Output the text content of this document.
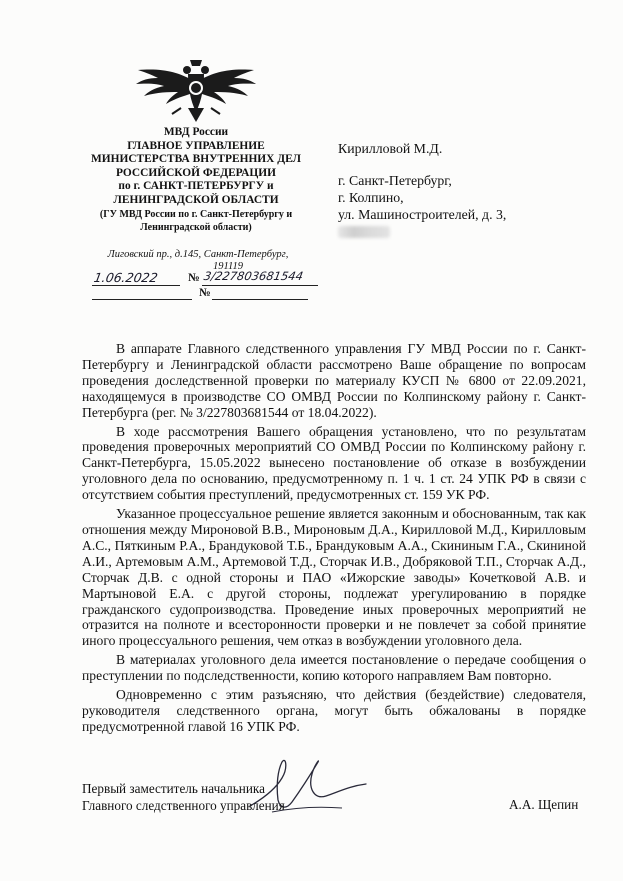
МВД России
ГЛАВНОЕ УПРАВЛЕНИЕ
МИНИСТЕРСТВА ВНУТРЕННИХ ДЕЛ
РОССИЙСКОЙ ФЕДЕРАЦИИ
по г. САНКТ-ПЕТЕРБУРГУ и
ЛЕНИНГРАДСКОЙ ОБЛАСТИ
(ГУ МВД России по г. Санкт-Петербургу и
Ленинградской области)
Лиговский пр., д.145, Санкт-Петербург,
191119
1.06.2022	№ 3/227803681544
№
Кирилловой М.Д.
г. Санкт-Петербург,
г. Колпино,
ул. Машиностроителей, д. 3,

В аппарате Главного следственного управления ГУ МВД России по г. Санкт-Петербургу и Ленинградской области рассмотрено Ваше обращение по вопросам проведения доследственной проверки по материалу КУСП № 6800 от 22.09.2021, находящемуся в производстве СО ОМВД России по Колпинскому району г. Санкт-Петербурга (рег. № 3/227803681544 от 18.04.2022).

В ходе рассмотрения Вашего обращения установлено, что по результатам проведения проверочных мероприятий СО ОМВД России по Колпинскому району г. Санкт-Петербурга, 15.05.2022 вынесено постановление об отказе в возбуждении уголовного дела по основанию, предусмотренному п. 1 ч. 1 ст. 24 УПК РФ в связи с отсутствием события преступлений, предусмотренных ст. 159 УК РФ.

Указанное процессуальное решение является законным и обоснованным, так как отношения между Мироновой В.В., Мироновым Д.А., Кирилловой М.Д., Кирилловым А.С., Пяткиным Р.А., Брандуковой Т.Б., Брандуковым А.А., Скининым Г.А., Скининой А.И., Артемовым А.М., Артемовой Т.Д., Сторчак И.В., Добряковой Т.П., Сторчак А.Д., Сторчак Д.В. с одной стороны и ПАО «Ижорские заводы» Кочетковой А.В. и Мартыновой Е.А. с другой стороны, подлежат урегулированию в порядке гражданского судопроизводства. Проведение иных проверочных мероприятий не отразится на полноте и всесторонности проверки и не повлечет за собой принятие иного процессуального решения, чем отказ в возбуждении уголовного дела.

В материалах уголовного дела имеется постановление о передаче сообщения о преступлении по подследственности, копию которого направляем Вам повторно.

Одновременно с этим разъясняю, что действия (бездействие) следователя, руководителя следственного органа, могут быть обжалованы в порядке предусмотренной главой 16 УПК РФ.

Первый заместитель начальника
Главного следственного управления	А.А. Щепин
